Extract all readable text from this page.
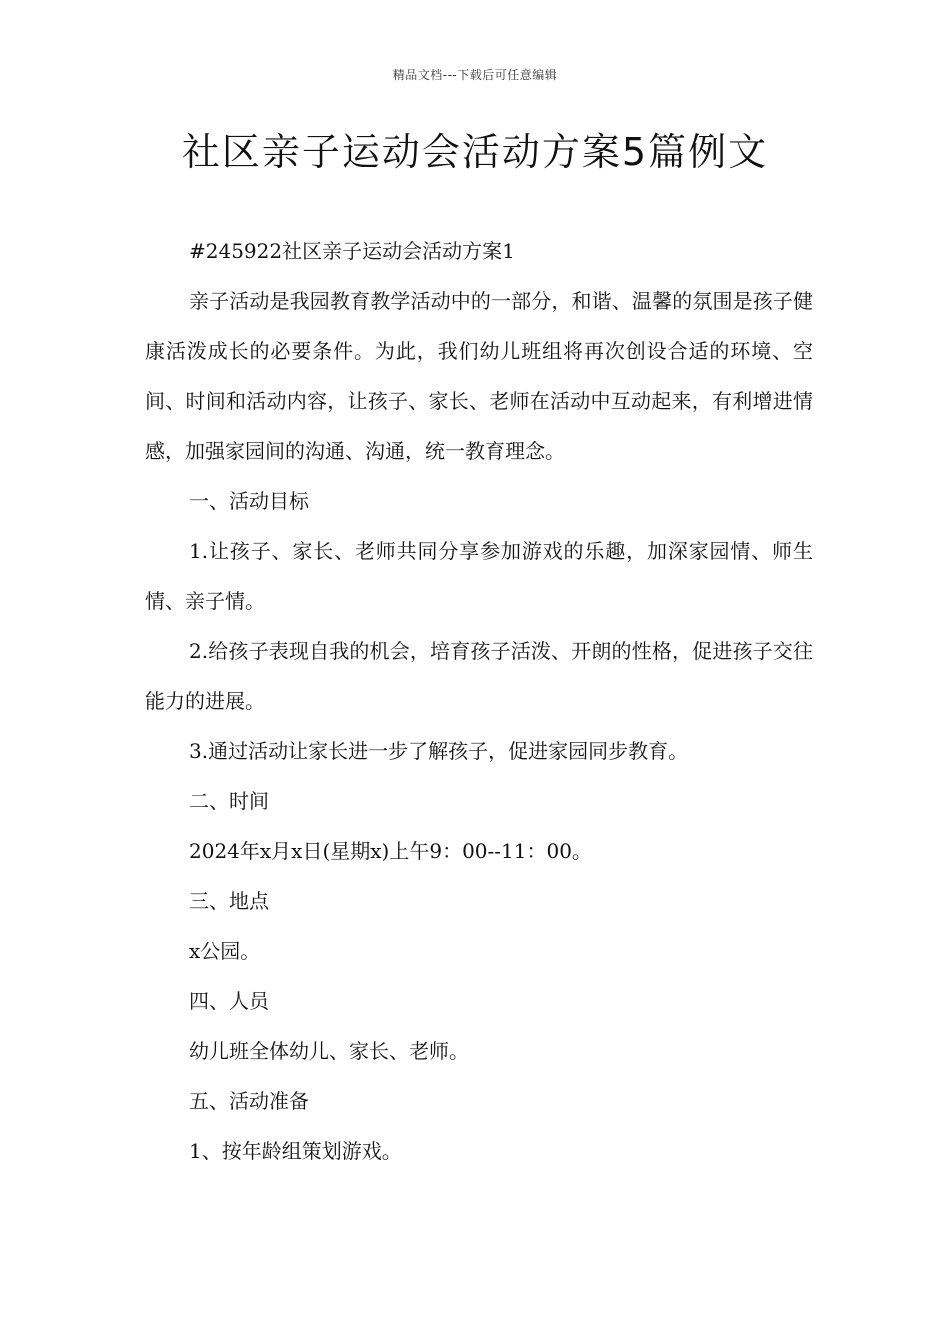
精品文档---下载后可任意编辑
社区亲子运动会活动方案5篇例文

#245922社区亲子运动会活动方案1

亲子活动是我园教育教学活动中的一部分，和谐、温馨的氛围是孩子健康活泼成长的必要条件。为此，我们幼儿班组将再次创设合适的环境、空间、时间和活动内容，让孩子、家长、老师在活动中互动起来，有利增进情感，加强家园间的沟通、沟通，统一教育理念。

一、活动目标

1.让孩子、家长、老师共同分享参加游戏的乐趣，加深家园情、师生情、亲子情。

2.给孩子表现自我的机会，培育孩子活泼、开朗的性格，促进孩子交往能力的进展。

3.通过活动让家长进一步了解孩子，促进家园同步教育。

二、时间

2024年x月x日(星期x)上午9：00--11：00。

三、地点

x公园。

四、人员

幼儿班全体幼儿、家长、老师。

五、活动准备

1、按年龄组策划游戏。
